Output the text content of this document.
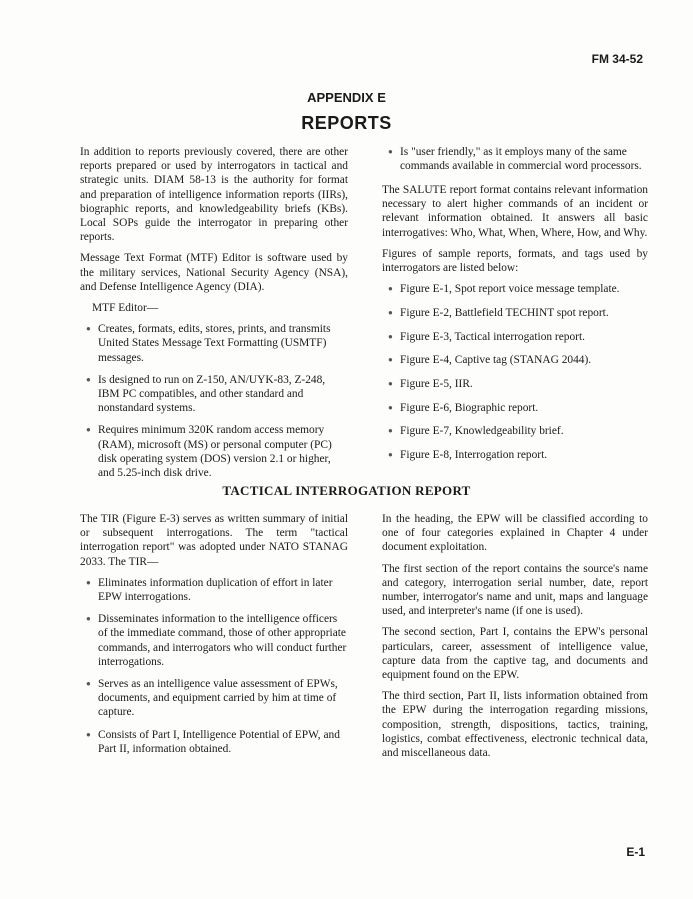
FM 34-52
APPENDIX E
REPORTS

In addition to reports previously covered, there are other reports prepared or used by interrogators in tactical and strategic units. DIAM 58-13 is the authority for format and preparation of intelligence information reports (IIRs), biographic reports, and knowledgeability briefs (KBs). Local SOPs guide the interrogator in preparing other reports.

Message Text Format (MTF) Editor is software used by the military services, National Security Agency (NSA), and Defense Intelligence Agency (DIA).

MTF Editor—

● Creates, formats, edits, stores, prints, and transmits United States Message Text Formatting (USMTF) messages.
● Is designed to run on Z-150, AN/UYK-83, Z-248, IBM PC compatibles, and other standard and nonstandard systems.
● Requires minimum 320K random access memory (RAM), microsoft (MS) or personal computer (PC) disk operating system (DOS) version 2.1 or higher, and 5.25-inch disk drive.
● Is "user friendly," as it employs many of the same commands available in commercial word processors.

The SALUTE report format contains relevant information necessary to alert higher commands of an incident or relevant information obtained. It answers all basic interrogatives: Who, What, When, Where, How, and Why.

Figures of sample reports, formats, and tags used by interrogators are listed below:

● Figure E-1, Spot report voice message template.
● Figure E-2, Battlefield TECHINT spot report.
● Figure E-3, Tactical interrogation report.
● Figure E-4, Captive tag (STANAG 2044).
● Figure E-5, IIR.
● Figure E-6, Biographic report.
● Figure E-7, Knowledgeability brief.
● Figure E-8, Interrogation report.
TACTICAL INTERROGATION REPORT

The TIR (Figure E-3) serves as written summary of initial or subsequent interrogations. The term "tactical interrogation report" was adopted under NATO STANAG 2033. The TIR—

● Eliminates information duplication of effort in later EPW interrogations.
● Disseminates information to the intelligence officers of the immediate command, those of other appropriate commands, and interrogators who will conduct further interrogations.
● Serves as an intelligence value assessment of EPWs, documents, and equipment carried by him at time of capture.
● Consists of Part I, Intelligence Potential of EPW, and Part II, information obtained.

In the heading, the EPW will be classified according to one of four categories explained in Chapter 4 under document exploitation.

The first section of the report contains the source's name and category, interrogation serial number, date, report number, interrogator's name and unit, maps and language used, and interpreter's name (if one is used).

The second section, Part I, contains the EPW's personal particulars, career, assessment of intelligence value, capture data from the captive tag, and documents and equipment found on the EPW.

The third section, Part II, lists information obtained from the EPW during the interrogation regarding missions, composition, strength, dispositions, tactics, training, logistics, combat effectiveness, electronic technical data, and miscellaneous data.

E-1
